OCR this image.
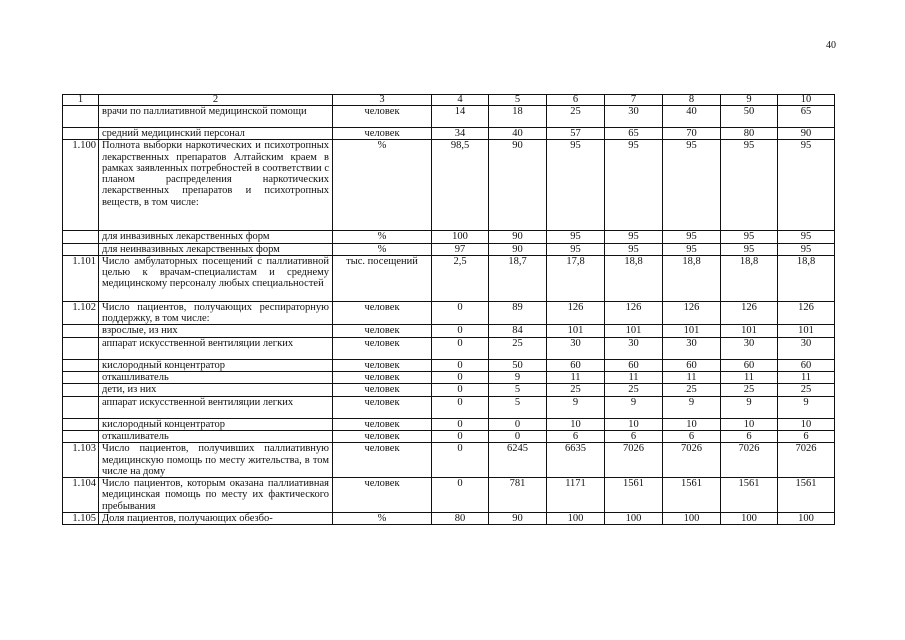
40
1	2	3	4	5	6	7	8	9	10
	врачи по паллиативной медицинской помощи	человек	14	18	25	30	40	50	65
	средний медицинский персонал	человек	34	40	57	65	70	80	90
1.100	Полнота выборки наркотических и психотропных лекарственных препаратов Алтайским краем в рамках заявленных потребностей в соответствии с планом распределения наркотических лекарственных препаратов и психотропных веществ, в том числе:	%	98,5	90	95	95	95	95	95
	для инвазивных лекарственных форм	%	100	90	95	95	95	95	95
	для неинвазивных лекарственных форм	%	97	90	95	95	95	95	95
1.101	Число амбулаторных посещений с паллиативной целью к врачам-специалистам и среднему медицинскому персоналу любых специальностей	тыс. посещений	2,5	18,7	17,8	18,8	18,8	18,8	18,8
1.102	Число пациентов, получающих респираторную поддержку, в том числе:	человек	0	89	126	126	126	126	126
	взрослые, из них	человек	0	84	101	101	101	101	101
	аппарат искусственной вентиляции легких	человек	0	25	30	30	30	30	30
	кислородный концентратор	человек	0	50	60	60	60	60	60
	откашливатель	человек	0	9	11	11	11	11	11
	дети, из них	человек	0	5	25	25	25	25	25
	аппарат искусственной вентиляции легких	человек	0	5	9	9	9	9	9
	кислородный концентратор	человек	0	0	10	10	10	10	10
	откашливатель	человек	0	0	6	6	6	6	6
1.103	Число пациентов, получивших паллиативную медицинскую помощь по месту жительства, в том числе на дому	человек	0	6245	6635	7026	7026	7026	7026
1.104	Число пациентов, которым оказана паллиативная медицинская помощь по месту их фактического пребывания	человек	0	781	1171	1561	1561	1561	1561
1.105	Доля пациентов, получающих обезбо-	%	80	90	100	100	100	100	100
